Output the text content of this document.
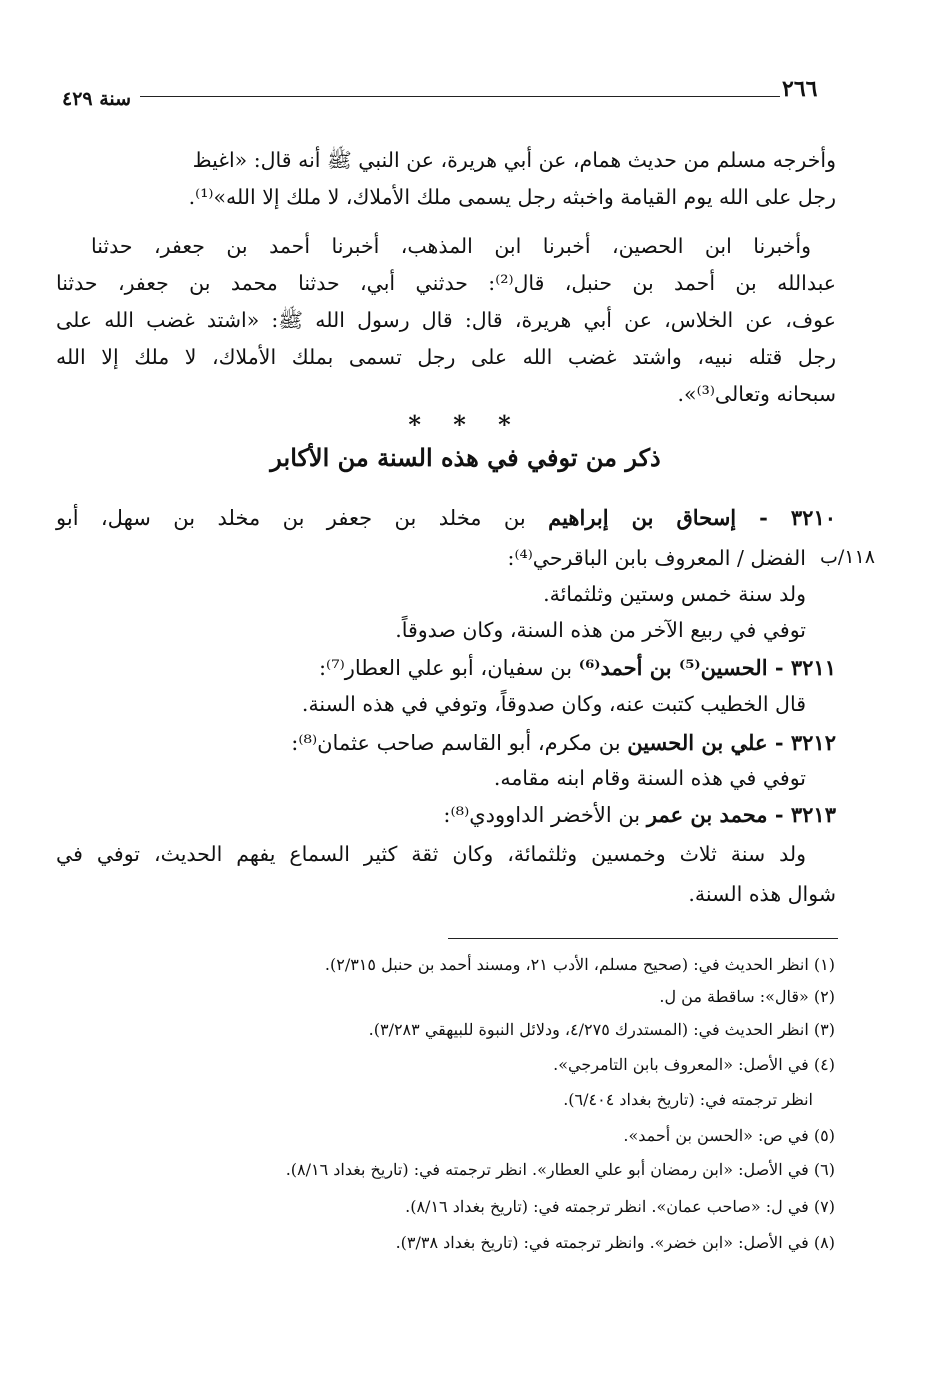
٢٦٦
سنة ٤٢٩
وأخرجه مسلم من حديث همام، عن أبي هريرة، عن النبي ﷺ أنه قال: «اغيظ
رجل على الله يوم القيامة واخبثه رجل يسمى ملك الأملاك، لا ملك إلا الله»⁽¹⁾.
وأخبرنا ابن الحصين، أخبرنا ابن المذهب، أخبرنا أحمد بن جعفر، حدثنا
عبدالله بن أحمد بن حنبل، قال⁽²⁾: حدثني أبي، حدثنا محمد بن جعفر، حدثنا
عوف، عن الخلاس، عن أبي هريرة، قال: قال رسول الله ﷺ: «اشتد غضب الله على
رجل قتله نبيه، واشتد غضب الله على رجل تسمى بملك الأملاك، لا ملك إلا الله
سبحانه وتعالى⁽³⁾».
* * *
ذكر من توفي في هذه السنة من الأكابر
٣٢١٠ - إسحاق بن إبراهيم بن مخلد بن جعفر بن مخلد بن سهل، أبو
١١٨/ب
الفضل / المعروف بابن الباقرحي⁽⁴⁾:
ولد سنة خمس وستين وثلثمائة.
توفي في ربيع الآخر من هذه السنة، وكان صدوقاً.
٣٢١١ - الحسين⁽⁵⁾ بن أحمد⁽⁶⁾ بن سفيان، أبو علي العطار⁽⁷⁾:
قال الخطيب كتبت عنه، وكان صدوقاً، وتوفي في هذه السنة.
٣٢١٢ - علي بن الحسين بن مكرم، أبو القاسم صاحب عثمان⁽⁸⁾:
توفي في هذه السنة وقام ابنه مقامه.
٣٢١٣ - محمد بن عمر بن الأخضر الداوودي⁽⁸⁾:
ولد سنة ثلاث وخمسين وثلثمائة، وكان ثقة كثير السماع يفهم الحديث، توفي في
شوال هذه السنة.
(١) انظر الحديث في: (صحيح مسلم، الأدب ٢١، ومسند أحمد بن حنبل ٢/٣١٥).
(٢) «قال»: ساقطة من ل.
(٣) انظر الحديث في: (المستدرك ٤/٢٧٥، ودلائل النبوة للبيهقي ٣/٢٨٣).
(٤) في الأصل: «المعروف بابن التامرجي».
انظر ترجمته في: (تاريخ بغداد ٦/٤٠٤).
(٥) في ص: «الحسن بن أحمد».
(٦) في الأصل: «ابن رمضان أبو علي العطار». انظر ترجمته في: (تاريخ بغداد ٨/١٦).
(٧) في ل: «صاحب عمان». انظر ترجمته في: (تاريخ بغداد ٨/١٦).
(٨) في الأصل: «ابن خضر». وانظر ترجمته في: (تاريخ بغداد ٣/٣٨).
